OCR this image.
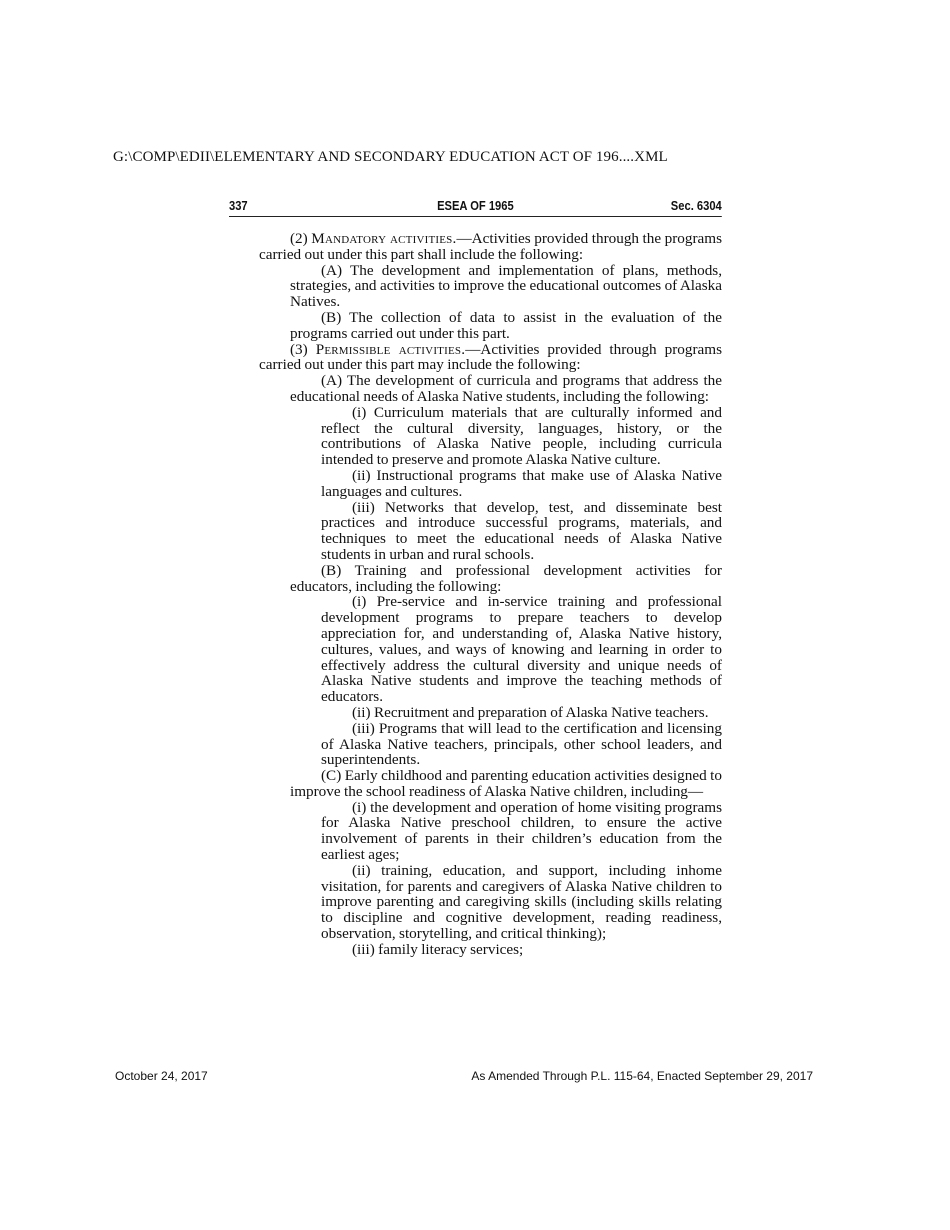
G:\COMP\EDII\ELEMENTARY AND SECONDARY EDUCATION ACT OF 196....XML
337	ESEA OF 1965	Sec. 6304

(2) Mandatory activities.—Activities provided through the programs carried out under this part shall include the following:

(A) The development and implementation of plans, methods, strategies, and activities to improve the educational outcomes of Alaska Natives.

(B) The collection of data to assist in the evaluation of the programs carried out under this part.

(3) Permissible activities.—Activities provided through programs carried out under this part may include the following:

(A) The development of curricula and programs that address the educational needs of Alaska Native students, including the following:

(i) Curriculum materials that are culturally informed and reflect the cultural diversity, languages, history, or the contributions of Alaska Native people, including curricula intended to preserve and promote Alaska Native culture.

(ii) Instructional programs that make use of Alaska Native languages and cultures.

(iii) Networks that develop, test, and disseminate best practices and introduce successful programs, materials, and techniques to meet the educational needs of Alaska Native students in urban and rural schools.

(B) Training and professional development activities for educators, including the following:

(i) Pre-service and in-service training and professional development programs to prepare teachers to develop appreciation for, and understanding of, Alaska Native history, cultures, values, and ways of knowing and learning in order to effectively address the cultural diversity and unique needs of Alaska Native students and improve the teaching methods of educators.

(ii) Recruitment and preparation of Alaska Native teachers.

(iii) Programs that will lead to the certification and licensing of Alaska Native teachers, principals, other school leaders, and superintendents.

(C) Early childhood and parenting education activities designed to improve the school readiness of Alaska Native children, including—

(i) the development and operation of home visiting programs for Alaska Native preschool children, to ensure the active involvement of parents in their children’s education from the earliest ages;

(ii) training, education, and support, including inhome visitation, for parents and caregivers of Alaska Native children to improve parenting and caregiving skills (including skills relating to discipline and cognitive development, reading readiness, observation, storytelling, and critical thinking);

(iii) family literacy services;

October 24, 2017	As Amended Through P.L. 115-64, Enacted September 29, 2017
